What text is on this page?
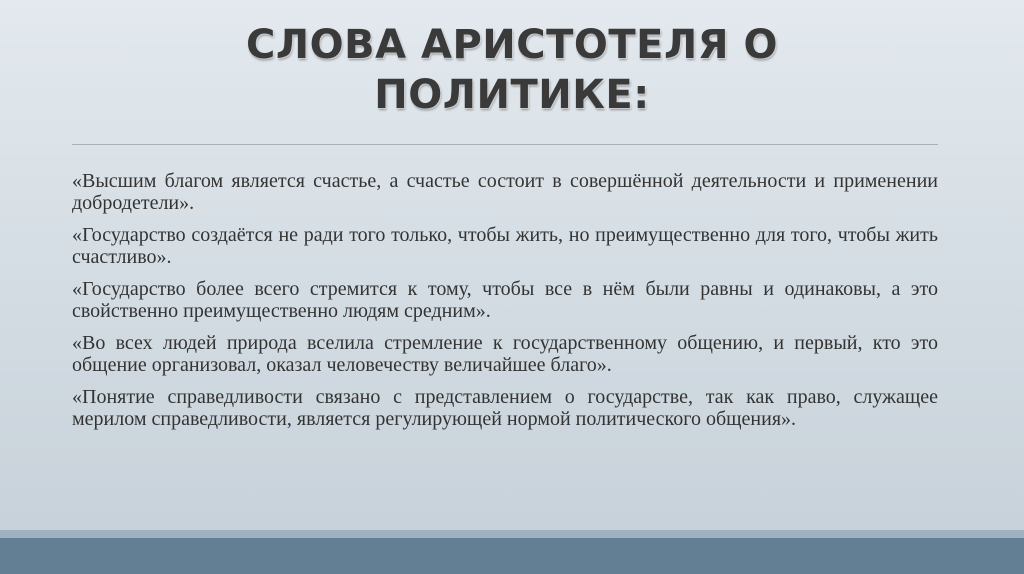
СЛОВА АРИСТОТЕЛЯ О
ПОЛИТИКЕ:

«Высшим благом является счастье, а счастье состоит в совершённой деятельности и применении добродетели».

«Государство создаётся не ради того только, чтобы жить, но преимущественно для того, чтобы жить счастливо».

«Государство более всего стремится к тому, чтобы все в нём были равны и одинаковы, а это свойственно преимущественно людям средним».

«Во всех людей природа вселила стремление к государственному общению, и первый, кто это общение организовал, оказал человечеству величайшее благо».

«Понятие справедливости связано с представлением о государстве, так как право, служащее мерилом справедливости, является регулирующей нормой политического общения».
